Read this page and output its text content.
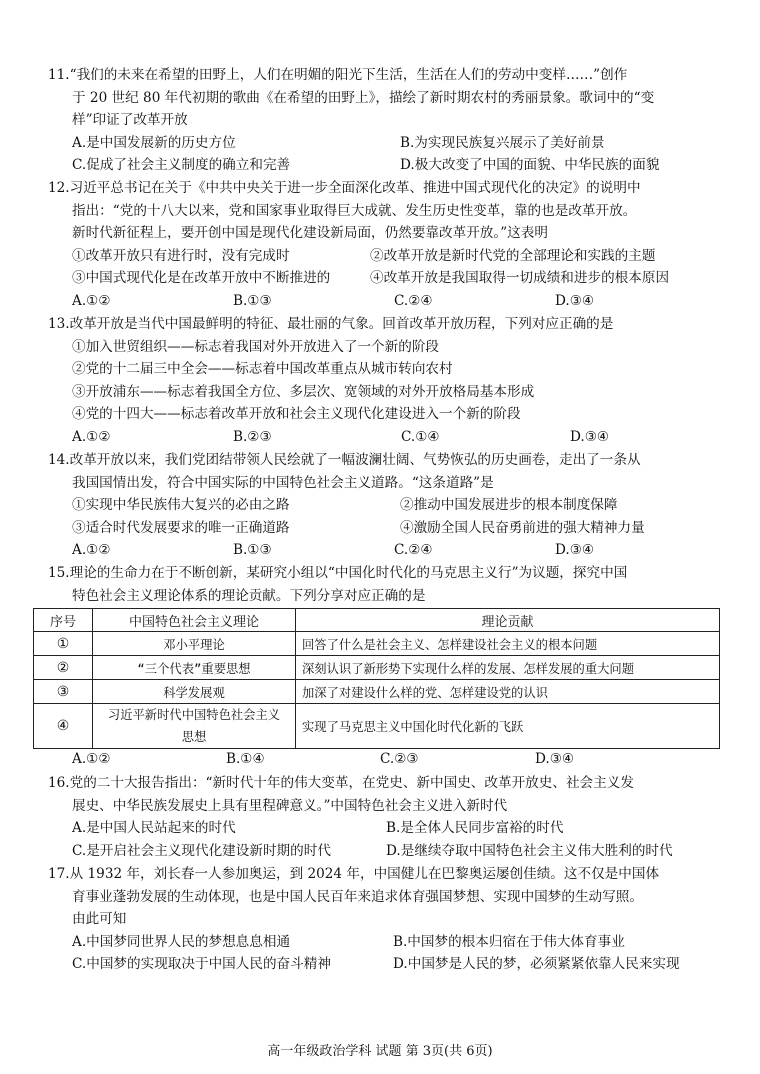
11.“我们的未来在希望的田野上，人们在明媚的阳光下生活，生活在人们的劳动中变样……”创作
于 20 世纪 80 年代初期的歌曲《在希望的田野上》，描绘了新时期农村的秀丽景象。歌词中的“变
样”印证了改革开放
A.是中国发展新的历史方位	B.为实现民族复兴展示了美好前景
C.促成了社会主义制度的确立和完善	D.极大改变了中国的面貌、中华民族的面貌
12.习近平总书记在关于《中共中央关于进一步全面深化改革、推进中国式现代化的决定》的说明中
指出：“党的十八大以来，党和国家事业取得巨大成就、发生历史性变革，靠的也是改革开放。
新时代新征程上，要开创中国是现代化建设新局面，仍然要靠改革开放。”这表明
①改革开放只有进行时，没有完成时	②改革开放是新时代党的全部理论和实践的主题
③中国式现代化是在改革开放中不断推进的	④改革开放是我国取得一切成绩和进步的根本原因
A.①②	B.①③	C.②④	D.③④
13.改革开放是当代中国最鲜明的特征、最壮丽的气象。回首改革开放历程，下列对应正确的是
①加入世贸组织——标志着我国对外开放进入了一个新的阶段
②党的十二届三中全会——标志着中国改革重点从城市转向农村
③开放浦东——标志着我国全方位、多层次、宽领域的对外开放格局基本形成
④党的十四大——标志着改革开放和社会主义现代化建设进入一个新的阶段
A.①②	B.②③	C.①④	D.③④
14.改革开放以来，我们党团结带领人民绘就了一幅波澜壮阔、气势恢弘的历史画卷，走出了一条从
我国国情出发，符合中国实际的中国特色社会主义道路。“这条道路”是
①实现中华民族伟大复兴的必由之路	②推动中国发展进步的根本制度保障
③适合时代发展要求的唯一正确道路	④激励全国人民奋勇前进的强大精神力量
A.①②	B.①③	C.②④	D.③④
15.理论的生命力在于不断创新，某研究小组以“中国化时代化的马克思主义行”为议题，探究中国
特色社会主义理论体系的理论贡献。下列分享对应正确的是
序号	中国特色社会主义理论	理论贡献
①	邓小平理论	回答了什么是社会主义、怎样建设社会主义的根本问题
②	“三个代表”重要思想	深刻认识了新形势下实现什么样的发展、怎样发展的重大问题
③	科学发展观	加深了对建设什么样的党、怎样建设党的认识
④	习近平新时代中国特色社会主义思想	实现了马克思主义中国化时代化新的飞跃
A.①②	B.①④	C.②③	D.③④
16.党的二十大报告指出：“新时代十年的伟大变革，在党史、新中国史、改革开放史、社会主义发
展史、中华民族发展史上具有里程碑意义。”中国特色社会主义进入新时代
A.是中国人民站起来的时代	B.是全体人民同步富裕的时代
C.是开启社会主义现代化建设新时期的时代	D.是继续夺取中国特色社会主义伟大胜利的时代
17.从 1932 年，刘长春一人参加奥运，到 2024 年，中国健儿在巴黎奥运屡创佳绩。这不仅是中国体
育事业蓬勃发展的生动体现，也是中国人民百年来追求体育强国梦想、实现中国梦的生动写照。
由此可知
A.中国梦同世界人民的梦想息息相通	B.中国梦的根本归宿在于伟大体育事业
C.中国梦的实现取决于中国人民的奋斗精神	D.中国梦是人民的梦，必须紧紧依靠人民来实现
高一年级政治学科 试题 第 3页(共 6页)
